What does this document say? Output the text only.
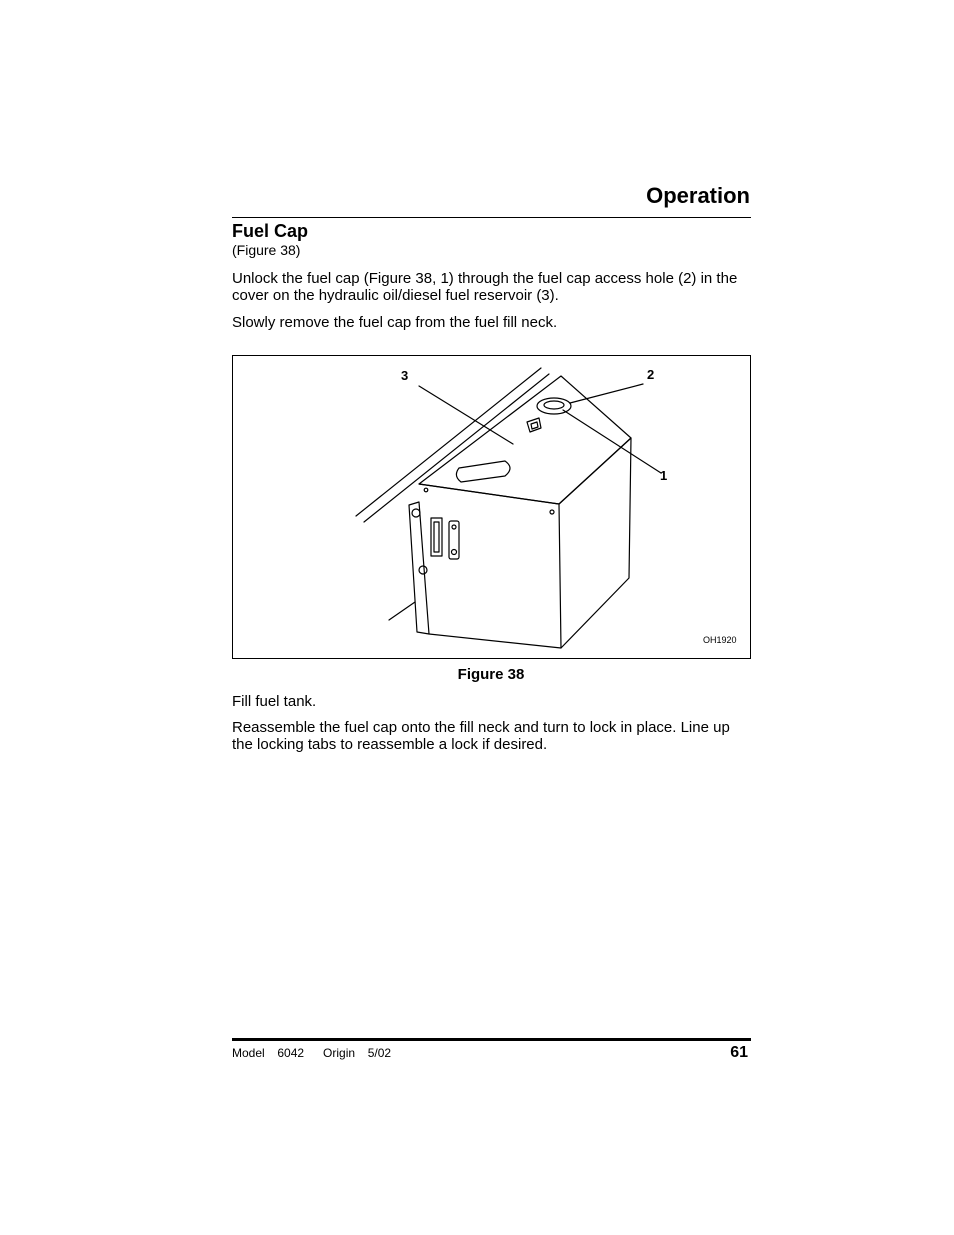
Operation
Fuel Cap
(Figure 38)

Unlock the fuel cap (Figure 38, 1) through the fuel cap access hole (2) in the cover on the hydraulic oil/diesel fuel reservoir (3).

Slowly remove the fuel cap from the fuel fill neck.

3	2
1
OH1920
Figure 38

Fill fuel tank.

Reassemble the fuel cap onto the fill neck and turn to lock in place. Line up the locking tabs to reassemble a lock if desired.

Model  6042   Origin  5/02	61
